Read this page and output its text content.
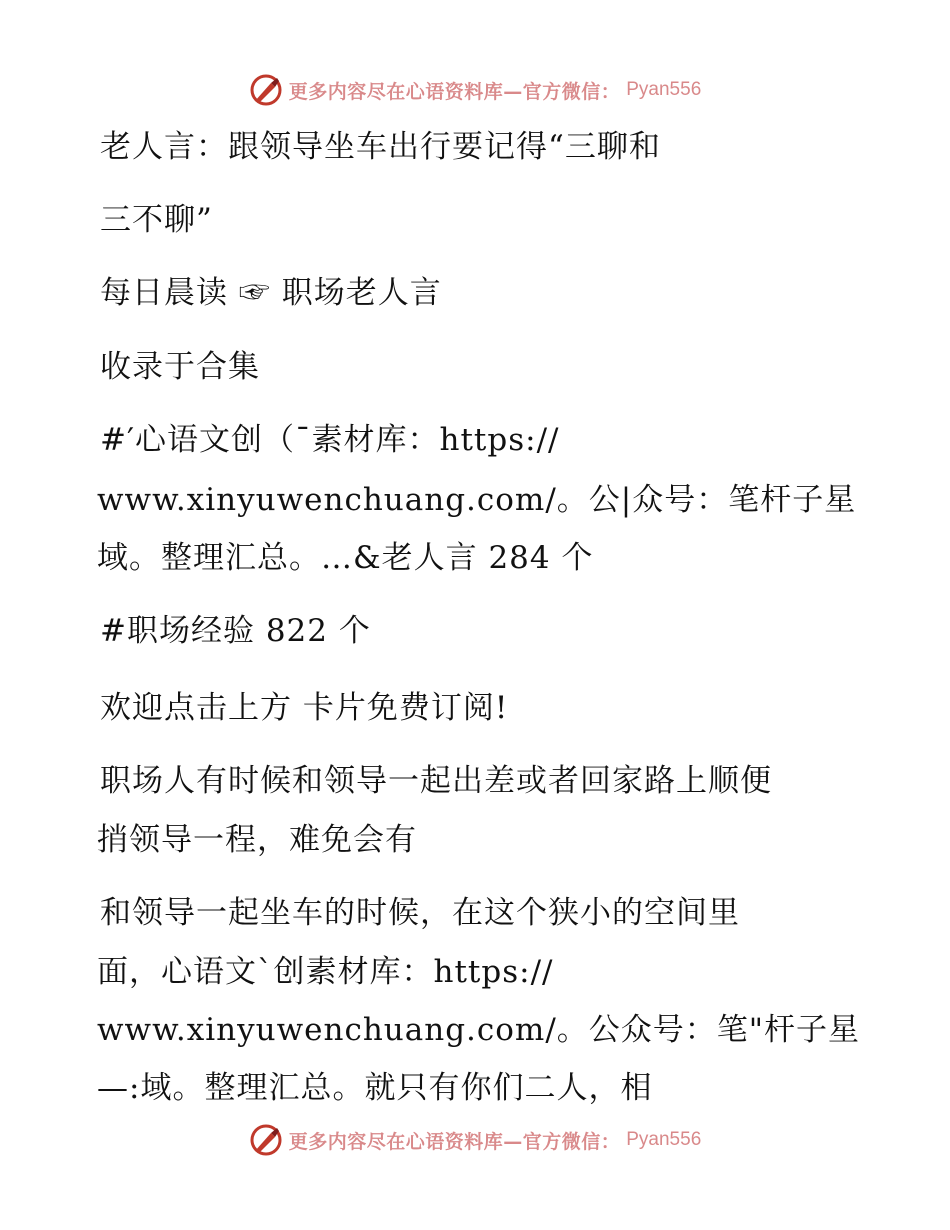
更多内容尽在心语资料库—官方微信： Pyan556
老人言：跟领导坐车出行要记得“三聊和
三不聊”
每日晨读 ☞ 职场老人言
收录于合集
#′心语文创（¯素材库：https://
www.xinyuwenchuang.com/。公|众号：笔杆子星
域。整理汇总。…&老人言 284 个
#职场经验 822 个
欢迎点击上方 卡片免费订阅!
职场人有时候和领导一起出差或者回家路上顺便
捎领导一程，难免会有
和领导一起坐车的时候，在这个狭小的空间里
面，心语文`创素材库：https://
www.xinyuwenchuang.com/。公众号：笔"杆子星
—:域。整理汇总。就只有你们二人，相
更多内容尽在心语资料库—官方微信： Pyan556
